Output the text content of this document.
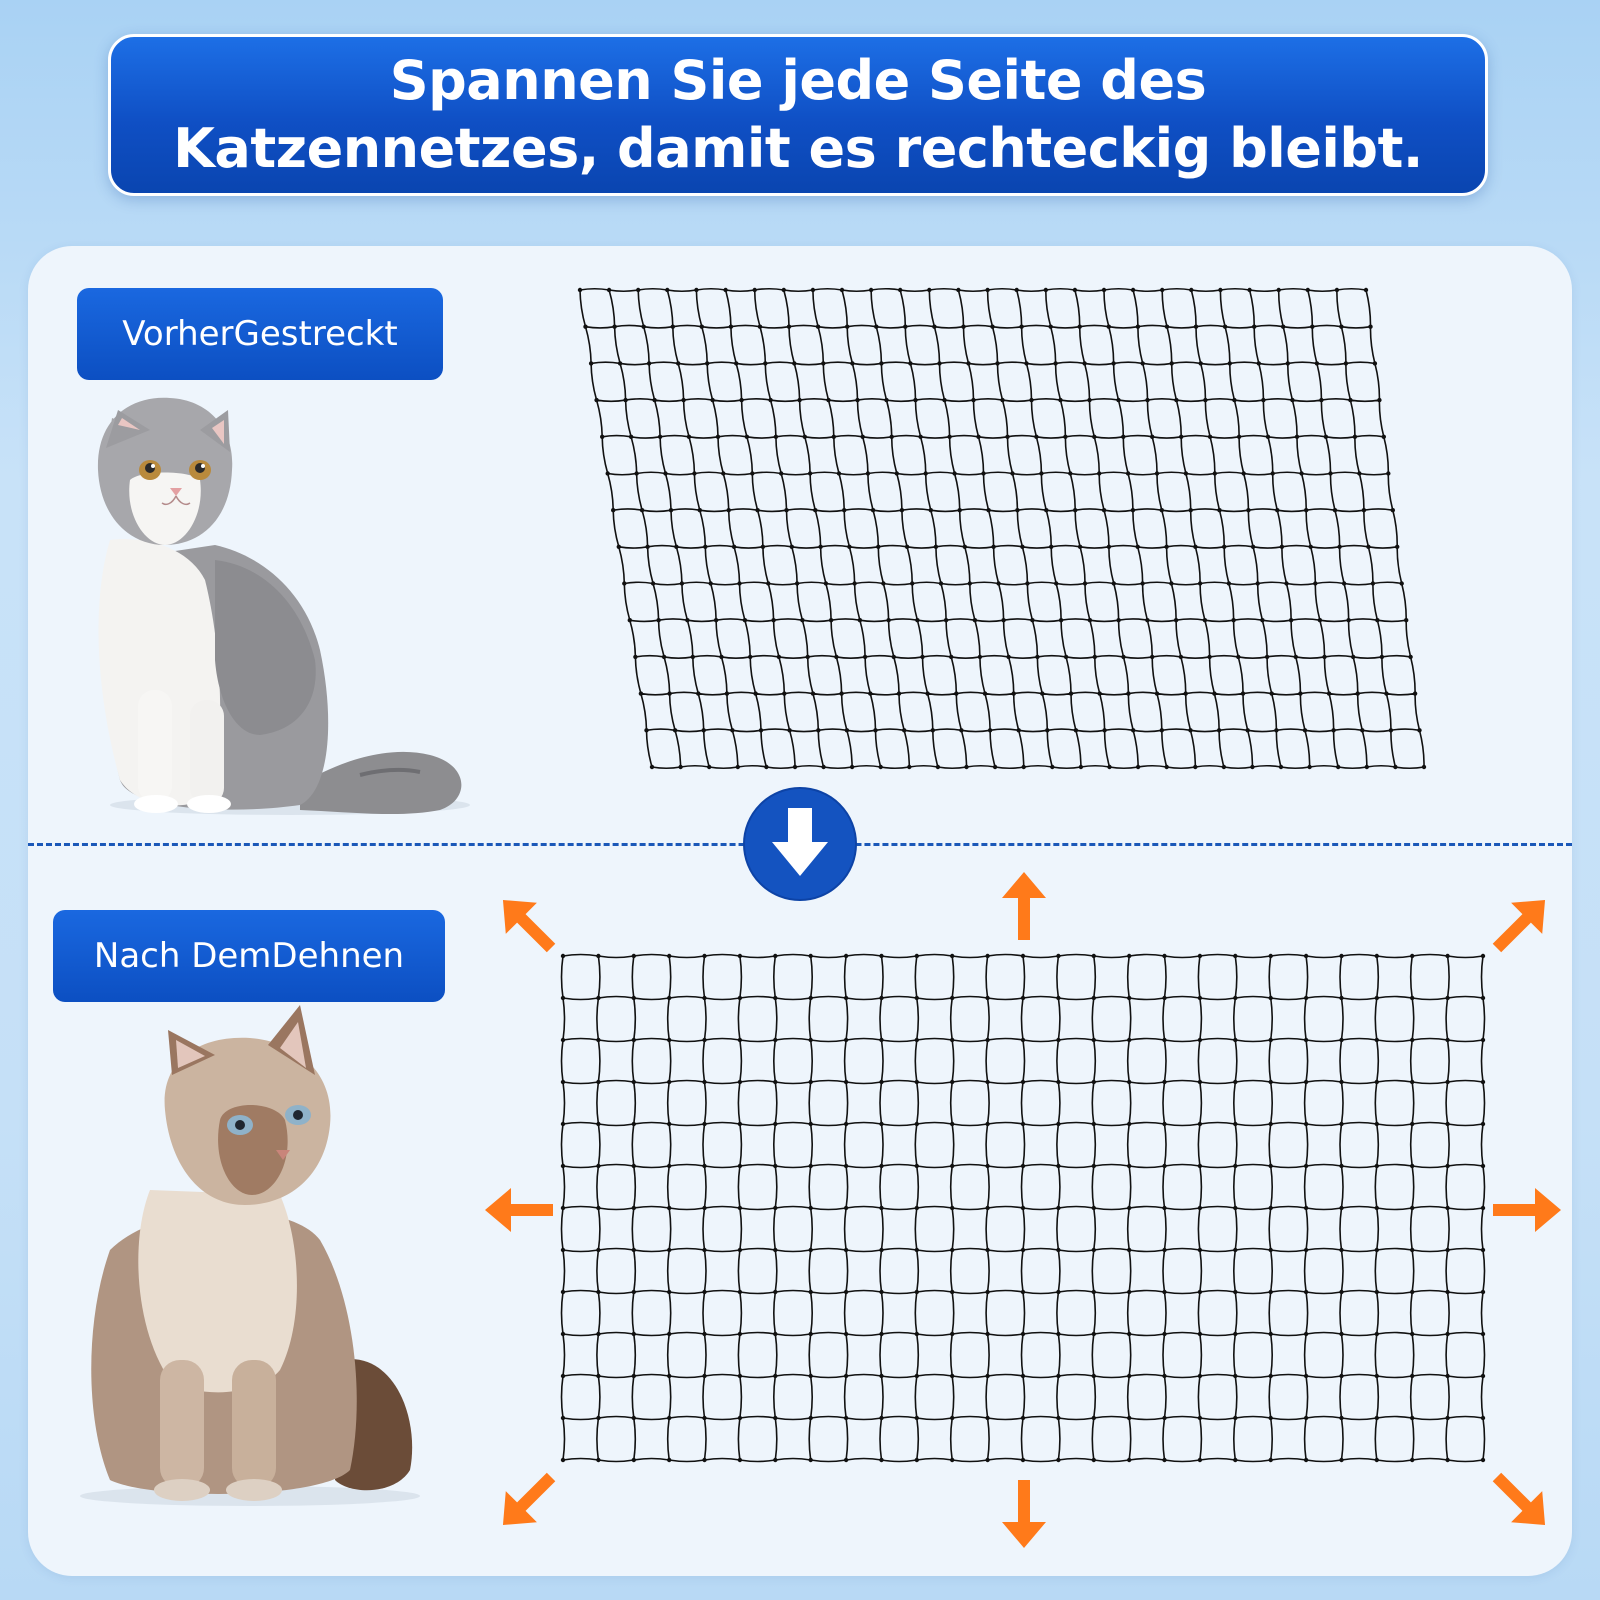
Spannen Sie jede Seite des
Katzennetzes, damit es rechteckig bleibt.
VorherGestreckt
Nach DemDehnen
